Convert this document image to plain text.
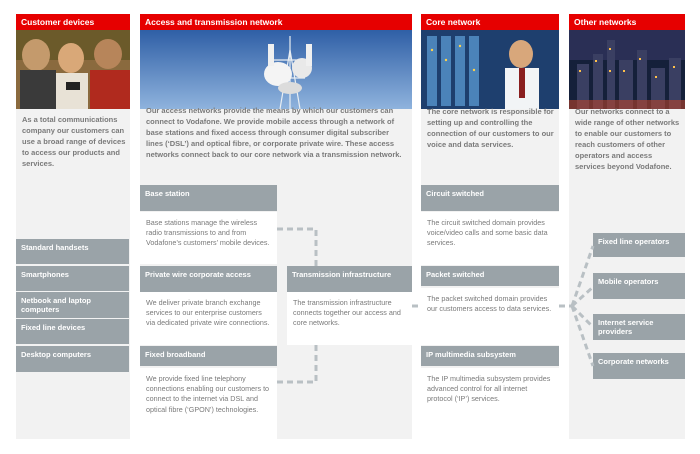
Customer devices
As a total communications company our customers can use a broad range of devices to access our products and services.
Standard handsets
Smartphones
Netbook and laptop computers
Fixed line devices
Desktop computers
Access and transmission network
Our access networks provide the means by which our customers can connect to Vodafone. We provide mobile access through a network of base stations and fixed access through consumer digital subscriber lines (‘DSL’) and optical fibre, or corporate private wire. These access networks connect back to our core network via a transmission network.
Base station
Base stations manage the wireless radio transmissions to and from Vodafone’s customers’ mobile devices.
Private wire corporate access
We deliver private branch exchange services to our enterprise customers via dedicated private wire connections.
Fixed broadband
We provide fixed line telephony connections enabling our customers to connect to the internet via DSL and optical fibre (‘GPON’) technologies.
Transmission infrastructure
The transmission infrastructure connects together our access and core networks.
Core network
The core network is responsible for setting up and controlling the connection of our customers to our voice and data services.
Circuit switched
The circuit switched domain provides voice/video calls and some basic data services.
Packet switched
The packet switched domain provides our customers access to data services.
IP multimedia subsystem
The IP multimedia subsystem provides advanced control for all internet protocol (‘IP’) services.
Other networks
Our networks connect to a wide range of other networks to enable our customers to reach customers of other operators and access services beyond Vodafone.
Fixed line operators
Mobile operators
Internet service providers
Corporate networks
